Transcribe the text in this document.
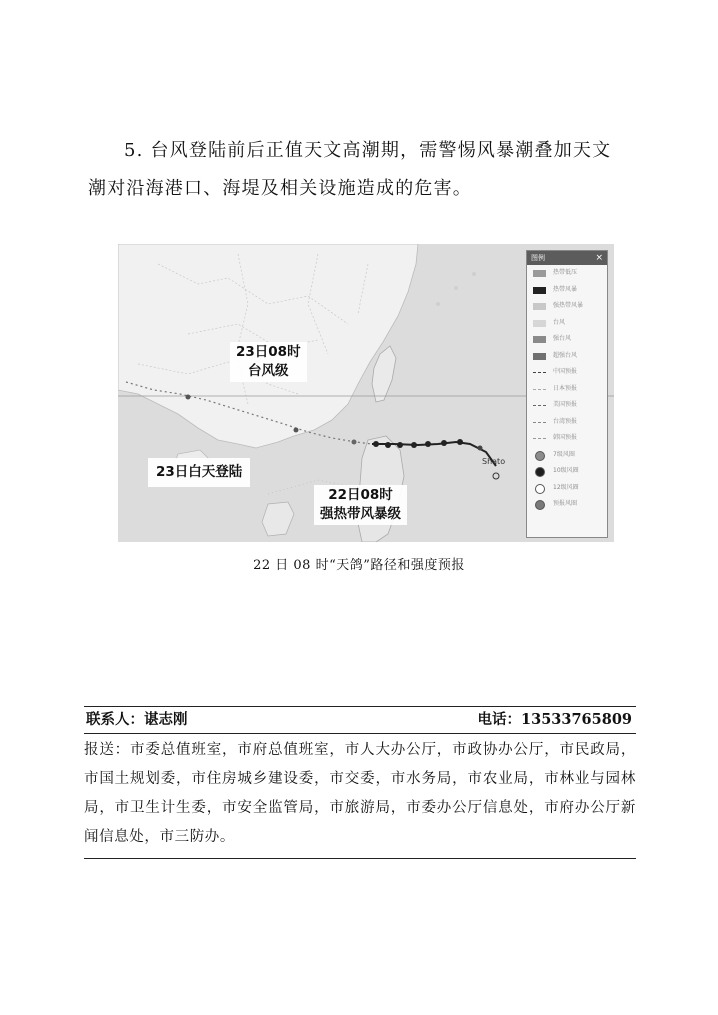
5. 台风登陆前后正值天文高潮期，需警惕风暴潮叠加天文潮对沿海港口、海堤及相关设施造成的危害。
Shato
23日08时
台风级
23日白天登陆
22日08时
强热带风暴级
图例	×
热带低压
热带风暴
强热带风暴
台风
强台风
超强台风
中国预报
日本预报
美国预报
台湾预报
韩国预报
7级风圈
10级风圈
12级风圈
预报风圈
22 日 08 时“天鸽”路径和强度预报
联系人：谌志刚	电话：13533765809
报送：市委总值班室，市府总值班室，市人大办公厅，市政协办公厅，市民政局，市国土规划委，市住房城乡建设委，市交委，市水务局，市农业局，市林业与园林局，市卫生计生委，市安全监管局，市旅游局，市委办公厅信息处，市府办公厅新闻信息处，市三防办。
